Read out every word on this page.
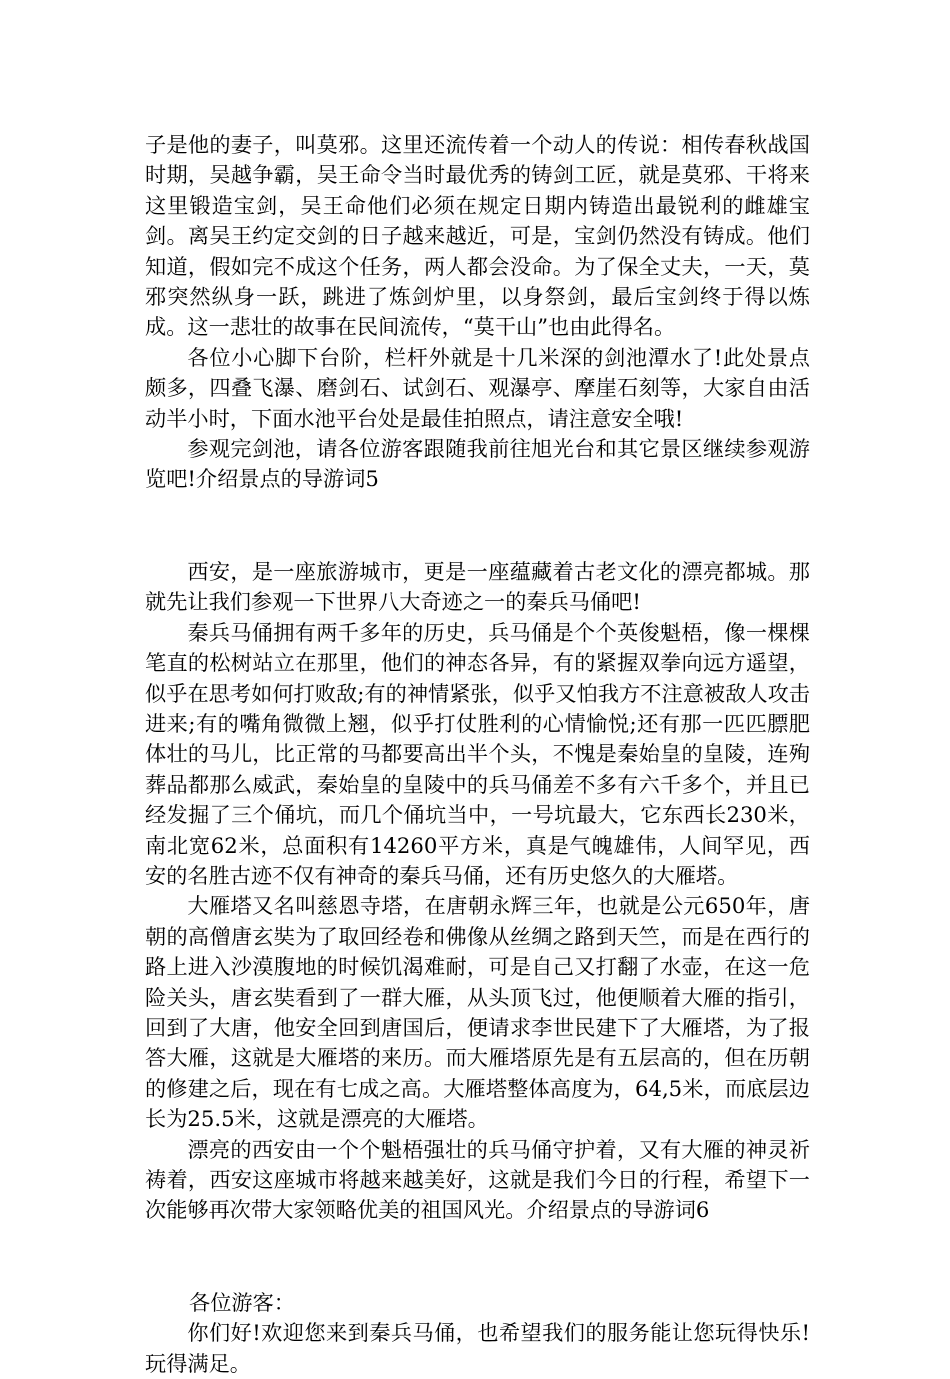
子是他的妻子，叫莫邪。这里还流传着一个动人的传说：相传春秋战国时期，吴越争霸，吴王命令当时最优秀的铸剑工匠，就是莫邪、干将来这里锻造宝剑，吴王命他们必须在规定日期内铸造出最锐利的雌雄宝剑。离吴王约定交剑的日子越来越近，可是，宝剑仍然没有铸成。他们知道，假如完不成这个任务，两人都会没命。为了保全丈夫，一天，莫邪突然纵身一跃，跳进了炼剑炉里，以身祭剑，最后宝剑终于得以炼成。这一悲壮的故事在民间流传，“莫干山”也由此得名。

各位小心脚下台阶，栏杆外就是十几米深的剑池潭水了!此处景点颇多，四叠飞瀑、磨剑石、试剑石、观瀑亭、摩崖石刻等，大家自由活动半小时，下面水池平台处是最佳拍照点，请注意安全哦!

参观完剑池，请各位游客跟随我前往旭光台和其它景区继续参观游览吧!介绍景点的导游词5

西安，是一座旅游城市，更是一座蕴藏着古老文化的漂亮都城。那就先让我们参观一下世界八大奇迹之一的秦兵马俑吧!

秦兵马俑拥有两千多年的历史，兵马俑是个个英俊魁梧，像一棵棵笔直的松树站立在那里，他们的神态各异，有的紧握双拳向远方遥望，似乎在思考如何打败敌;有的神情紧张，似乎又怕我方不注意被敌人攻击进来;有的嘴角微微上翘，似乎打仗胜利的心情愉悦;还有那一匹匹膘肥体壮的马儿，比正常的马都要高出半个头，不愧是秦始皇的皇陵，连殉葬品都那么威武，秦始皇的皇陵中的兵马俑差不多有六千多个，并且已经发掘了三个俑坑，而几个俑坑当中，一号坑最大，它东西长230米，南北宽62米，总面积有14260平方米，真是气魄雄伟，人间罕见，西安的名胜古迹不仅有神奇的秦兵马俑，还有历史悠久的大雁塔。

大雁塔又名叫慈恩寺塔，在唐朝永辉三年，也就是公元650年，唐朝的高僧唐玄奘为了取回经卷和佛像从丝绸之路到天竺，而是在西行的路上进入沙漠腹地的时候饥渴难耐，可是自己又打翻了水壶，在这一危险关头，唐玄奘看到了一群大雁，从头顶飞过，他便顺着大雁的指引，回到了大唐，他安全回到唐国后，便请求李世民建下了大雁塔，为了报答大雁，这就是大雁塔的来历。而大雁塔原先是有五层高的，但在历朝的修建之后，现在有七成之高。大雁塔整体高度为，64,5米，而底层边长为25.5米，这就是漂亮的大雁塔。

漂亮的西安由一个个魁梧强壮的兵马俑守护着，又有大雁的神灵祈祷着，西安这座城市将越来越美好，这就是我们今日的行程，希望下一次能够再次带大家领略优美的祖国风光。介绍景点的导游词6

各位游客：

你们好!欢迎您来到秦兵马俑，也希望我们的服务能让您玩得快乐!玩得满足。
